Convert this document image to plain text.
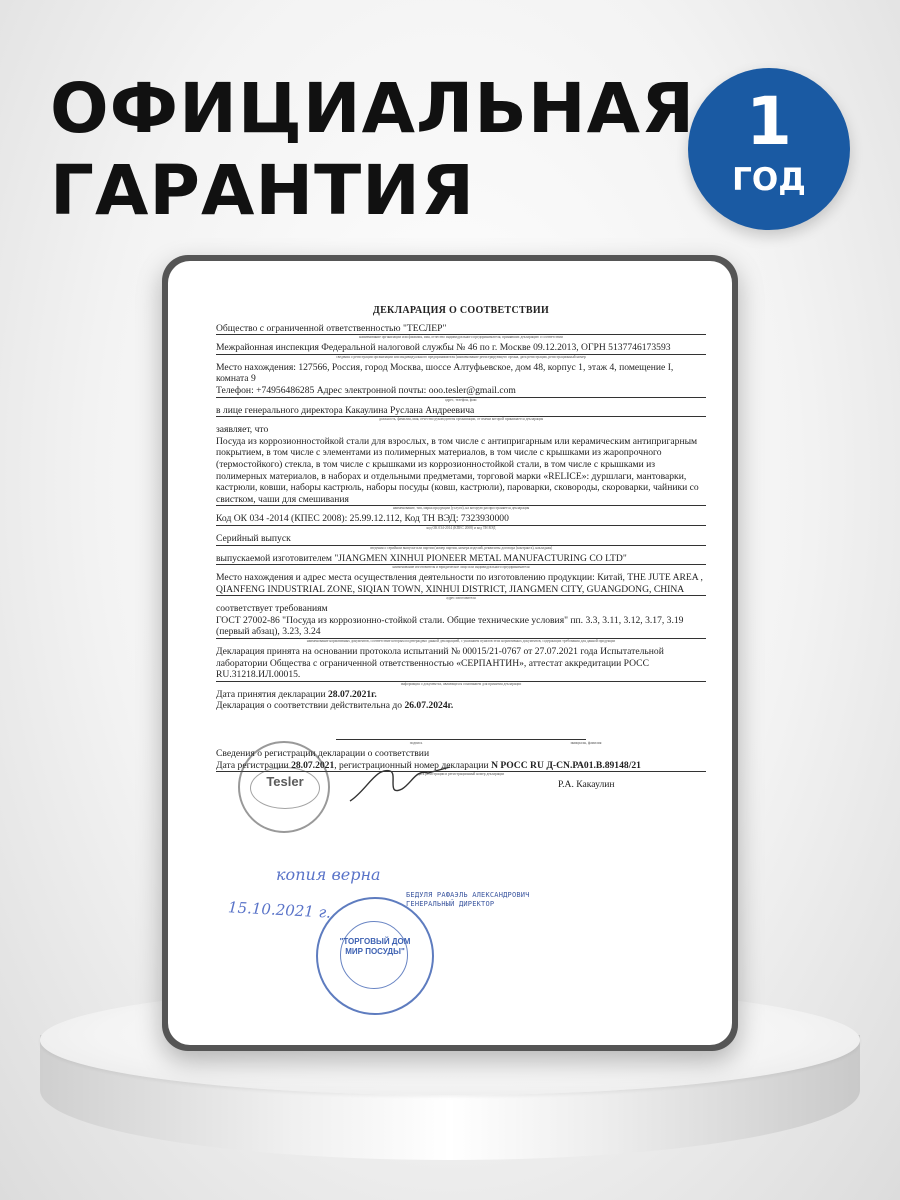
ОФИЦИАЛЬНАЯ
ГАРАНТИЯ
1
ГОД
ДЕКЛАРАЦИЯ О СООТВЕТСТВИИ
Общество с ограниченной ответственностью "ТЕСЛЕР"
наименование организации или фамилия, имя, отчество индивидуального предпринимателя, принявших декларацию о соответствии
Межрайонная инспекция Федеральной налоговой службы № 46 по г. Москве 09.12.2013, ОГРН 5137746173593
сведения о регистрации организации или индивидуального предпринимателя (наименование регистрирующего органа, дата регистрации, регистрационный номер
Место нахождения: 127566, Россия, город Москва, шоссе Алтуфьевское, дом 48, корпус 1, этаж 4, помещение I, комната 9
Телефон: +74956486285 Адрес электронной почты: ooo.tesler@gmail.com
адрес, телефон, факс
в лице генерального директора Какаулина Руслана Андреевича
должность, фамилия, имя, отчество руководителя организации, от имени которой принимается декларация
заявляет, что
Посуда из коррозионностойкой стали для взрослых, в том числе с антипригарным или керамическим антипригарным покрытием, в том числе с элементами из полимерных материалов, в том числе с крышками из жаропрочного (термостойкого) стекла, в том числе с крышками из коррозионностойкой стали, в том числе с крышками из полимерных материалов, в наборах и отдельными предметами, торговой марки «RELICE»: дуршлаги, мантоварки, кастрюли, ковши, наборы кастрюль, наборы посуды (ковш, кастрюли), пароварки, сковороды, скороварки, чайники со свистком, чаши для смешивания
наименование, тип, марка продукции (услуги), на которую распространяется декларация
Код ОК 034 -2014 (КПЕС 2008): 25.99.12.112, Код ТН ВЭД: 7323930000
код ОК 034-2014 (КПЕС 2008) и код ТН ВЭД
Серийный выпуск
сведения о серийном выпуске или партии (номер партии, номера изделий, реквизиты договора (контракта), накладная)
выпускаемой изготовителем "JIANGMEN XINHUI PIONEER METAL MANUFACTURING CO LTD"
наименование изготовителя и юридическое лицо или индивидуального предпринимателя
Место нахождения и адрес места осуществления деятельности по изготовлению продукции: Китай, THE JUTE AREA , QIANFENG INDUSTRIAL ZONE, SIQIAN TOWN, XINHUI DISTRICT, JIANGMEN CITY, GUANGDONG, CHINA
адрес изготовителя
соответствует требованиям
ГОСТ 27002-86 "Посуда из коррозионно-стойкой стали. Общие технические условия" пп. 3.3, 3.11, 3.12, 3.17, 3.19 (первый абзац), 3.23, 3.24
наименование нормативных документов, соответствие которым подтверждено данной декларацией, с указанием пунктов этих нормативных документов, содержащих требования для данной продукции
Декларация принята на основании протокола испытаний № 00015/21-0767 от 27.07.2021 года Испытательной лаборатории Общества с ограниченной ответственностью «СЕРПАНТИН», аттестат аккредитации РОСС RU.31218.ИЛ.00015.
информация о документах, являющихся основанием для принятия декларации
Дата принятия декларации 28.07.2021г.
Декларация о соответствии действительна до 26.07.2024г.
подпись	инициалы, фамилия
Сведения о регистрации декларации о соответствии
Дата регистрации 28.07.2021, регистрационный номер декларации N РОСС RU Д-CN.РА01.В.89148/21
дата регистрации и регистрационный номер декларации
Tesler	Р.А. Какаулин
копия верна
15.10.2021 г.
БЕДУЛЯ РАФАЭЛЬ АЛЕКСАНДРОВИЧ
ГЕНЕРАЛЬНЫЙ ДИРЕКТОР
"ТОРГОВЫЙ ДОМ МИР ПОСУДЫ"
